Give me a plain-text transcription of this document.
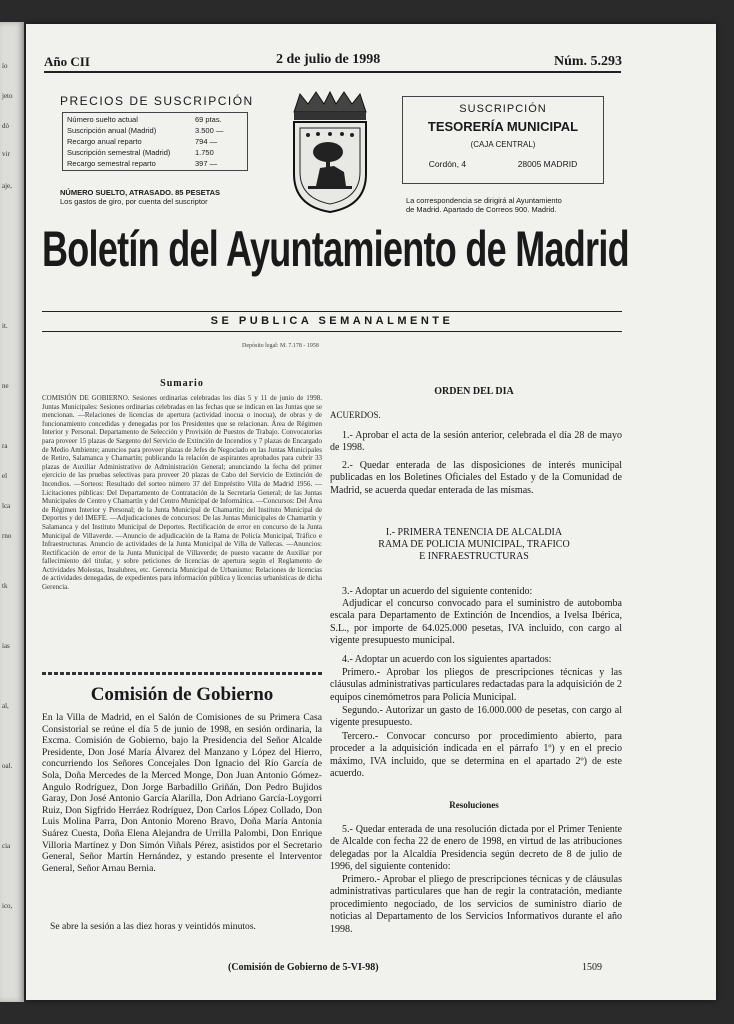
ío
jeto
dó
vir
aje,
it.
ne
ra
el
lca
rno
tk
ias
al,
oal.
cia
ico,
Año CII	2 de julio de 1998	Núm. 5.293
PRECIOS DE SUSCRIPCIÓN
Número suelto actual	69 ptas.
Suscripción anual (Madrid)	3.500 —
Recargo anual reparto	794 —
Suscripción semestral (Madrid)	1.750
Recargo semestral reparto	397 —
NÚMERO SUELTO, ATRASADO. 85 PESETAS
Los gastos de giro, por cuenta del suscriptor
SUSCRIPCIÓN
TESORERÍA MUNICIPAL
(CAJA CENTRAL)
Cordón, 4	28005 MADRID
La correspondencia se dirigirá al Ayuntamiento
de Madrid. Apartado de Correos 900. Madrid.
Boletín del Ayuntamiento de Madrid
SE PUBLICA SEMANALMENTE
Depósito legal: M. 7.178 - 1958
Sumario
COMISIÓN DE GOBIERNO. Sesiones ordinarias celebradas los días 5 y 11 de junio de 1998. Juntas Municipales: Sesiones ordinarias celebradas en las fechas que se indican en las Juntas que se mencionan. —Relaciones de licencias de apertura (actividad inocua o inocua), de obras y de funcionamiento concedidas y denegadas por los Presidentes que se relacionan. Área de Régimen Interior y Personal. Departamento de Selección y Provisión de Puestos de Trabajo. Convocatorias para proveer 15 plazas de Sargento del Servicio de Extinción de Incendios y 7 plazas de Encargado de Medio Ambiente; anuncios para proveer plazas de Jefes de Negociado en las Juntas Municipales de Retiro, Salamanca y Chamartín; publicando la relación de aspirantes aprobados para cubrir 33 plazas de Auxiliar Administrativo de Administración General; anunciando la fecha del primer ejercicio de las pruebas selectivas para proveer 20 plazas de Cabo del Servicio de Extinción de Incendios. —Sorteos: Resultado del sorteo número 37 del Empréstito Villa de Madrid 1956. —Licitaciones públicas: Del Departamento de Contratación de la Secretaría General; de las Juntas Municipales de Centro y Chamartín y del Centro Municipal de Informática. —Concursos: Del Área de Régimen Interior y Personal; de la Junta Municipal de Chamartín; del Instituto Municipal de Deportes y del IMEFE. —Adjudicaciones de concursos: De las Juntas Municipales de Chamartín y Salamanca y del Instituto Municipal de Deportes. Rectificación de error en concurso de la Junta Municipal de Villaverde. —Anuncio de adjudicación de la Rama de Policía Municipal, Tráfico e Infraestructuras. Anuncio de actividades de la Junta Municipal de Villa de Vallecas. —Anuncios: Rectificación de error de la Junta Municipal de Villaverde; de puesto vacante de Auxiliar por fallecimiento del titular, y sobre peticiones de licencias de apertura según el Reglamento de Actividades Molestas, Insalubres, etc. Gerencia Municipal de Urbanismo: Relaciones de licencias de actividades denegadas, de expedientes para información pública y licencias urbanísticas de dicha Gerencia.
Comisión de Gobierno
En la Villa de Madrid, en el Salón de Comisiones de su Primera Casa Consistorial se reúne el día 5 de junio de 1998, en sesión ordinaria, la Excma. Comisión de Gobierno, bajo la Presidencia del Señor Alcalde Presidente, Don José María Álvarez del Manzano y López del Hierro, concurriendo los Señores Concejales Don Ignacio del Río García de Sola, Doña Mercedes de la Merced Monge, Don Juan Antonio Gómez-Angulo Rodríguez, Don Jorge Barbadillo Griñán, Don Pedro Bujidos Garay, Don José Antonio García Alarilla, Don Adriano García-Loygorri Ruiz, Don Sigfrido Herráez Rodríguez, Don Carlos López Collado, Don Luis Molina Parra, Don Antonio Moreno Bravo, Doña María Antonia Suárez Cuesta, Doña Elena Alejandra de Urrilla Palombi, Don Enrique Villoria Martínez y Don Simón Viñals Pérez, asistidos por el Secretario General, Señor Martín Hernández, y estando presente el Interventor General, Señor Arnau Bernia.
Se abre la sesión a las diez horas y veintidós minutos.
ORDEN DEL DIA
ACUERDOS.
1.- Aprobar el acta de la sesión anterior, celebrada el día 28 de mayo de 1998.
2.- Quedar enterada de las disposiciones de interés municipal publicadas en los Boletines Oficiales del Estado y de la Comunidad de Madrid, se acuerda quedar enterada de las mismas.
I.- PRIMERA TENENCIA DE ALCALDIA
RAMA DE POLICIA MUNICIPAL, TRAFICO
E INFRAESTRUCTURAS
3.- Adoptar un acuerdo del siguiente contenido:
Adjudicar el concurso convocado para el suministro de autobomba escala para Departamento de Extinción de Incendios, a Ivelsa Ibérica, S.L., por importe de 64.025.000 pesetas, IVA incluido, con cargo al vigente presupuesto municipal.
4.- Adoptar un acuerdo con los siguientes apartados:
Primero.- Aprobar los pliegos de prescripciones técnicas y las cláusulas administrativas particulares redactadas para la adquisición de 2 equipos cinemómetros para Policía Municipal.
Segundo.- Autorizar un gasto de 16.000.000 de pesetas, con cargo al vigente presupuesto.
Tercero.- Convocar concurso por procedimiento abierto, para proceder a la adquisición indicada en el párrafo 1º) y en el precio máximo, IVA incluido, que se determina en el apartado 2º) de este acuerdo.
Resoluciones
5.- Quedar enterada de una resolución dictada por el Primer Teniente de Alcalde con fecha 22 de enero de 1998, en virtud de las atribuciones delegadas por la Alcaldía Presidencia según decreto de 8 de julio de 1996, del siguiente contenido:
Primero.- Aprobar el pliego de prescripciones técnicas y de cláusulas administrativas particulares que han de regir la contratación, mediante procedimiento negociado, de los servicios de suministro diario de noticias al Departamento de los Servicios Informativos durante el año 1998.
(Comisión de Gobierno de 5-VI-98)	1509
